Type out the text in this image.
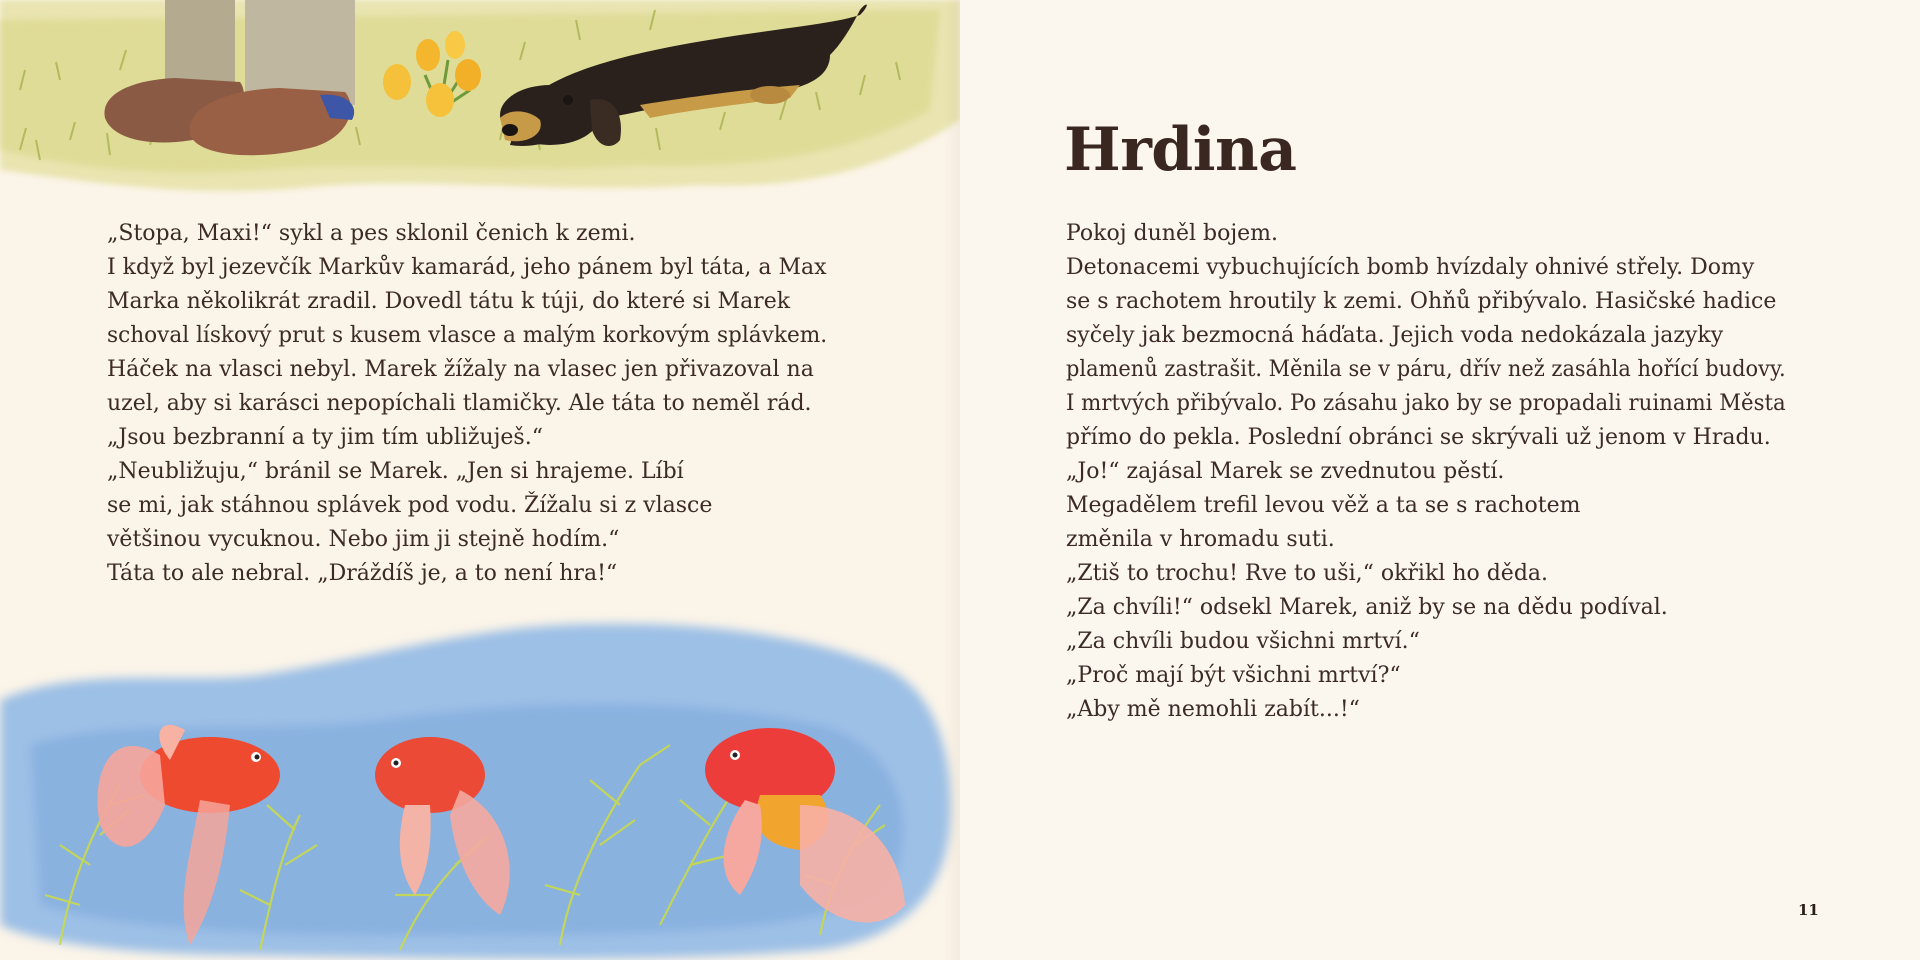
„Stopa, Maxi!“ sykl a pes sklonil čenich k zemi.
I když byl jezevčík Markův kamarád, jeho pánem byl táta, a Max
Marka několikrát zradil. Dovedl tátu k túji, do které si Marek
schoval lískový prut s kusem vlasce a malým korkovým splávkem.
Háček na vlasci nebyl. Marek žížaly na vlasec jen přivazoval na
uzel, aby si karásci nepopíchali tlamičky. Ale táta to neměl rád.
„Jsou bezbranní a ty jim tím ubližuješ.“
„Neubližuju,“ bránil se Marek. „Jen si hrajeme. Líbí
se mi, jak stáhnou splávek pod vodu. Žížalu si z vlasce
většinou vycuknou. Nebo jim ji stejně hodím.“
Táta to ale nebral. „Dráždíš je, a to není hra!“
Hrdina
Pokoj duněl bojem.
Detonacemi vybuchujících bomb hvízdaly ohnivé střely. Domy
se s rachotem hroutily k zemi. Ohňů přibývalo. Hasičské hadice
syčely jak bezmocná háďata. Jejich voda nedokázala jazyky
plamenů zastrašit. Měnila se v páru, dřív než zasáhla hořící budovy.
I mrtvých přibývalo. Po zásahu jako by se propadali ruinami Města
přímo do pekla. Poslední obránci se skrývali už jenom v Hradu.
„Jo!“ zajásal Marek se zvednutou pěstí.
Megadělem trefil levou věž a ta se s rachotem
změnila v hromadu suti.
„Ztiš to trochu! Rve to uši,“ okřikl ho děda.
„Za chvíli!“ odsekl Marek, aniž by se na dědu podíval.
„Za chvíli budou všichni mrtví.“
„Proč mají být všichni mrtví?“
„Aby mě nemohli zabít...!“
11
